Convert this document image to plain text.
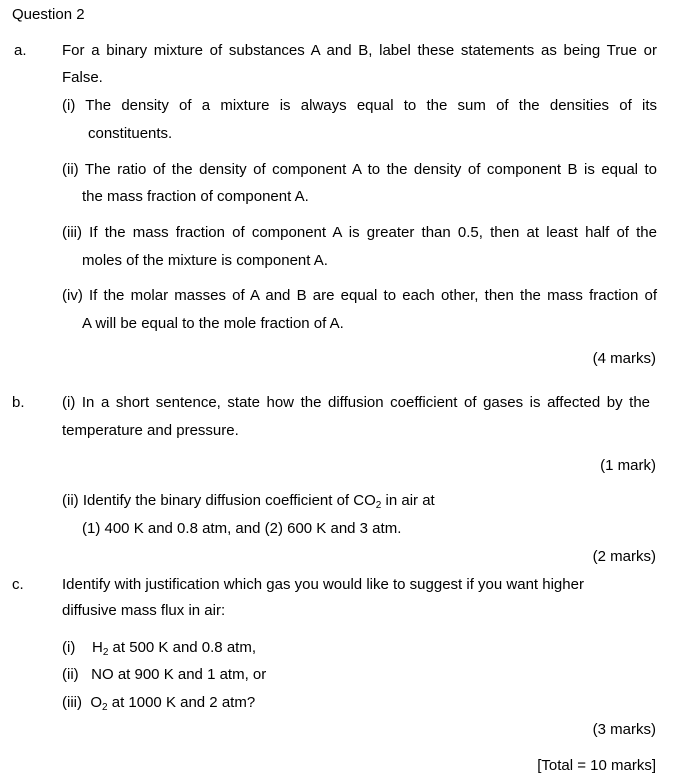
Question 2
a. For a binary mixture of substances A and B, label these statements as being True or
False.
(i) The density of a mixture is always equal to the sum of the densities of its
constituents.
(ii) The ratio of the density of component A to the density of component B is equal to
the mass fraction of component A.
(iii) If the mass fraction of component A is greater than 0.5, then at least half of the
moles of the mixture is component A.
(iv) If the molar masses of A and B are equal to each other, then the mass fraction of
A will be equal to the mole fraction of A.
(4 marks)
b. (i) In a short sentence, state how the diffusion coefficient of gases is affected by the
temperature and pressure.
(1 mark)
(ii) Identify the binary diffusion coefficient of $CO_2$ in air at
(1) 400 K and 0.8 atm, and (2) 600 K and 3 atm.
(2 marks)
c.	Identify with justification which gas you would like to suggest if you want higher
diffusive mass flux in air:
(i)    $H_2$ at 500 K and 0.8 atm,
(ii)   NO at 900 K and 1 atm, or
(iii)  $O_2$ at 1000 K and 2 atm?
(3 marks)
[Total = 10 marks]
